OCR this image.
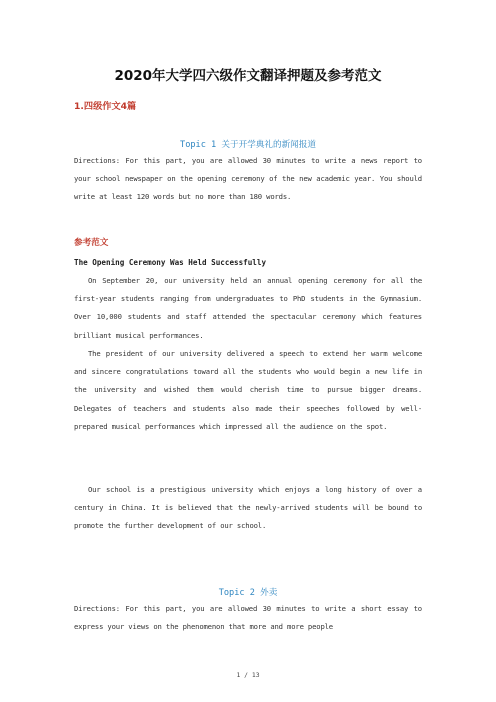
2020年大学四六级作文翻译押题及参考范文
1.四级作文4篇
Topic 1 关于开学典礼的新闻报道

Directions: For this part, you are allowed 30 minutes to write a news report to your school newspaper on the opening ceremony of the new academic year. You should write at least 120 words but no more than 180 words.

参考范文
The Opening Ceremony Was Held Successfully

On September 20, our university held an annual opening ceremony for all the first-year students ranging from undergraduates to PhD students in the Gymnasium. Over 10,000 students and staff attended the spectacular ceremony which features brilliant musical performances.

The president of our university delivered a speech to extend her warm welcome and sincere congratulations toward all the students who would begin a new life in the university and wished them would cherish time to pursue bigger dreams. Delegates of teachers and students also made their speeches followed by well-prepared musical performances which impressed all the audience on the spot.

Our school is a prestigious university which enjoys a long history of over a century in China. It is believed that the newly-arrived students will be bound to promote the further development of our school.

Topic 2 外卖

Directions: For this part, you are allowed 30 minutes to write a short essay to express your views on the phenomenon that more and more people

1 / 13
